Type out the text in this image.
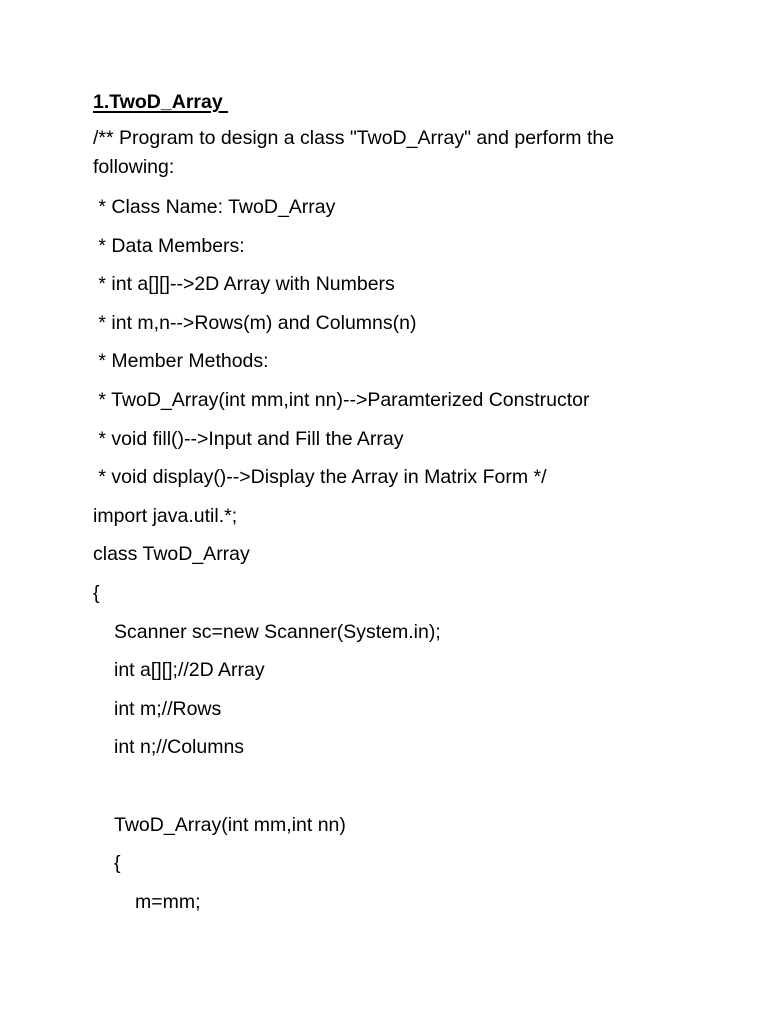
1.TwoD_Array
/** Program to design a class "TwoD_Array" and perform the following:
* Class Name: TwoD_Array
* Data Members:
* int a[][]-->2D Array with Numbers
* int m,n-->Rows(m) and Columns(n)
* Member Methods:
* TwoD_Array(int mm,int nn)-->Paramterized Constructor
* void fill()-->Input and Fill the Array
* void display()-->Display the Array in Matrix Form */
import java.util.*;
class TwoD_Array
{
Scanner sc=new Scanner(System.in);
int a[][];//2D Array
int m;//Rows
int n;//Columns
TwoD_Array(int mm,int nn)
{
m=mm;
